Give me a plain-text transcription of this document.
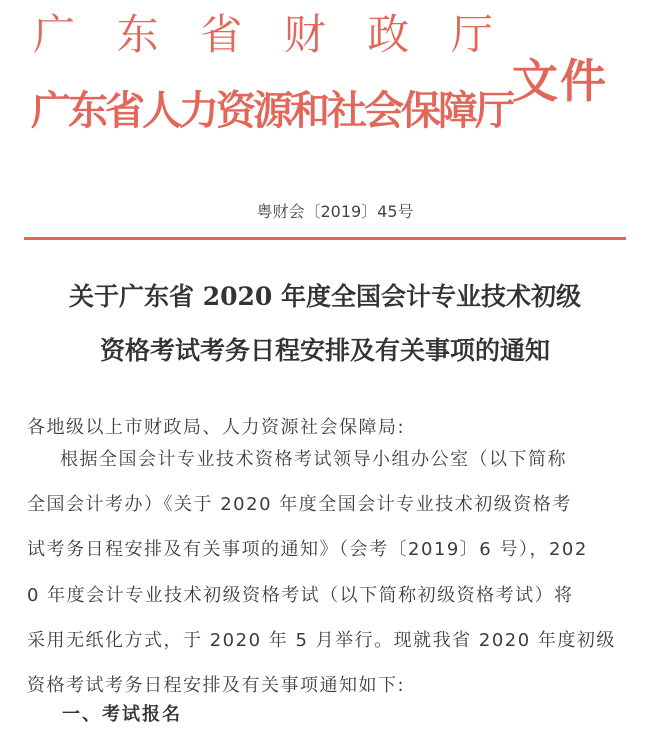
广 东 省 财 政 厅
广东省人力资源和社会保障厅
文件
粤财会〔2019〕45号
关于广东省 2020 年度全国会计专业技术初级
资格考试考务日程安排及有关事项的通知
各地级以上市财政局、人力资源社会保障局:
根据全国会计专业技术资格考试领导小组办公室（以下简称
全国会计考办）《关于 2020 年度全国会计专业技术初级资格考
试考务日程安排及有关事项的通知》（会考〔2019〕6 号），202
0 年度会计专业技术初级资格考试（以下简称初级资格考试）将
采用无纸化方式，于 2020 年 5 月举行。现就我省 2020 年度初级
资格考试考务日程安排及有关事项通知如下:
一、考试报名
